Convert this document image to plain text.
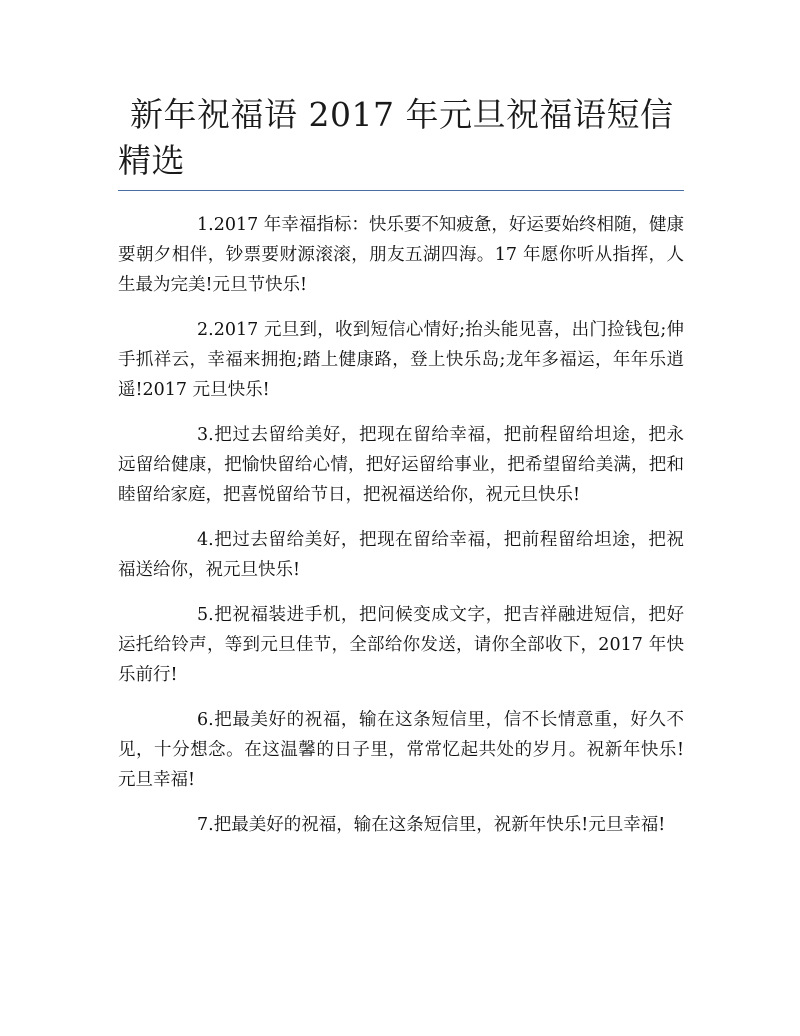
新年祝福语 2017 年元旦祝福语短信
精选

1.2017 年幸福指标：快乐要不知疲惫，好运要始终相随，健康要朝夕相伴，钞票要财源滚滚，朋友五湖四海。17 年愿你听从指挥，人生最为完美!元旦节快乐!

2.2017 元旦到，收到短信心情好;抬头能见喜，出门捡钱包;伸手抓祥云，幸福来拥抱;踏上健康路，登上快乐岛;龙年多福运，年年乐逍遥!2017 元旦快乐!

3.把过去留给美好，把现在留给幸福，把前程留给坦途，把永远留给健康，把愉快留给心情，把好运留给事业，把希望留给美满，把和睦留给家庭，把喜悦留给节日，把祝福送给你，祝元旦快乐!

4.把过去留给美好，把现在留给幸福，把前程留给坦途，把祝福送给你，祝元旦快乐!

5.把祝福装进手机，把问候变成文字，把吉祥融进短信，把好运托给铃声，等到元旦佳节，全部给你发送，请你全部收下，2017 年快乐前行!

6.把最美好的祝福，输在这条短信里，信不长情意重，好久不见，十分想念。在这温馨的日子里，常常忆起共处的岁月。祝新年快乐!元旦幸福!

7.把最美好的祝福，输在这条短信里，祝新年快乐!元旦幸福!
